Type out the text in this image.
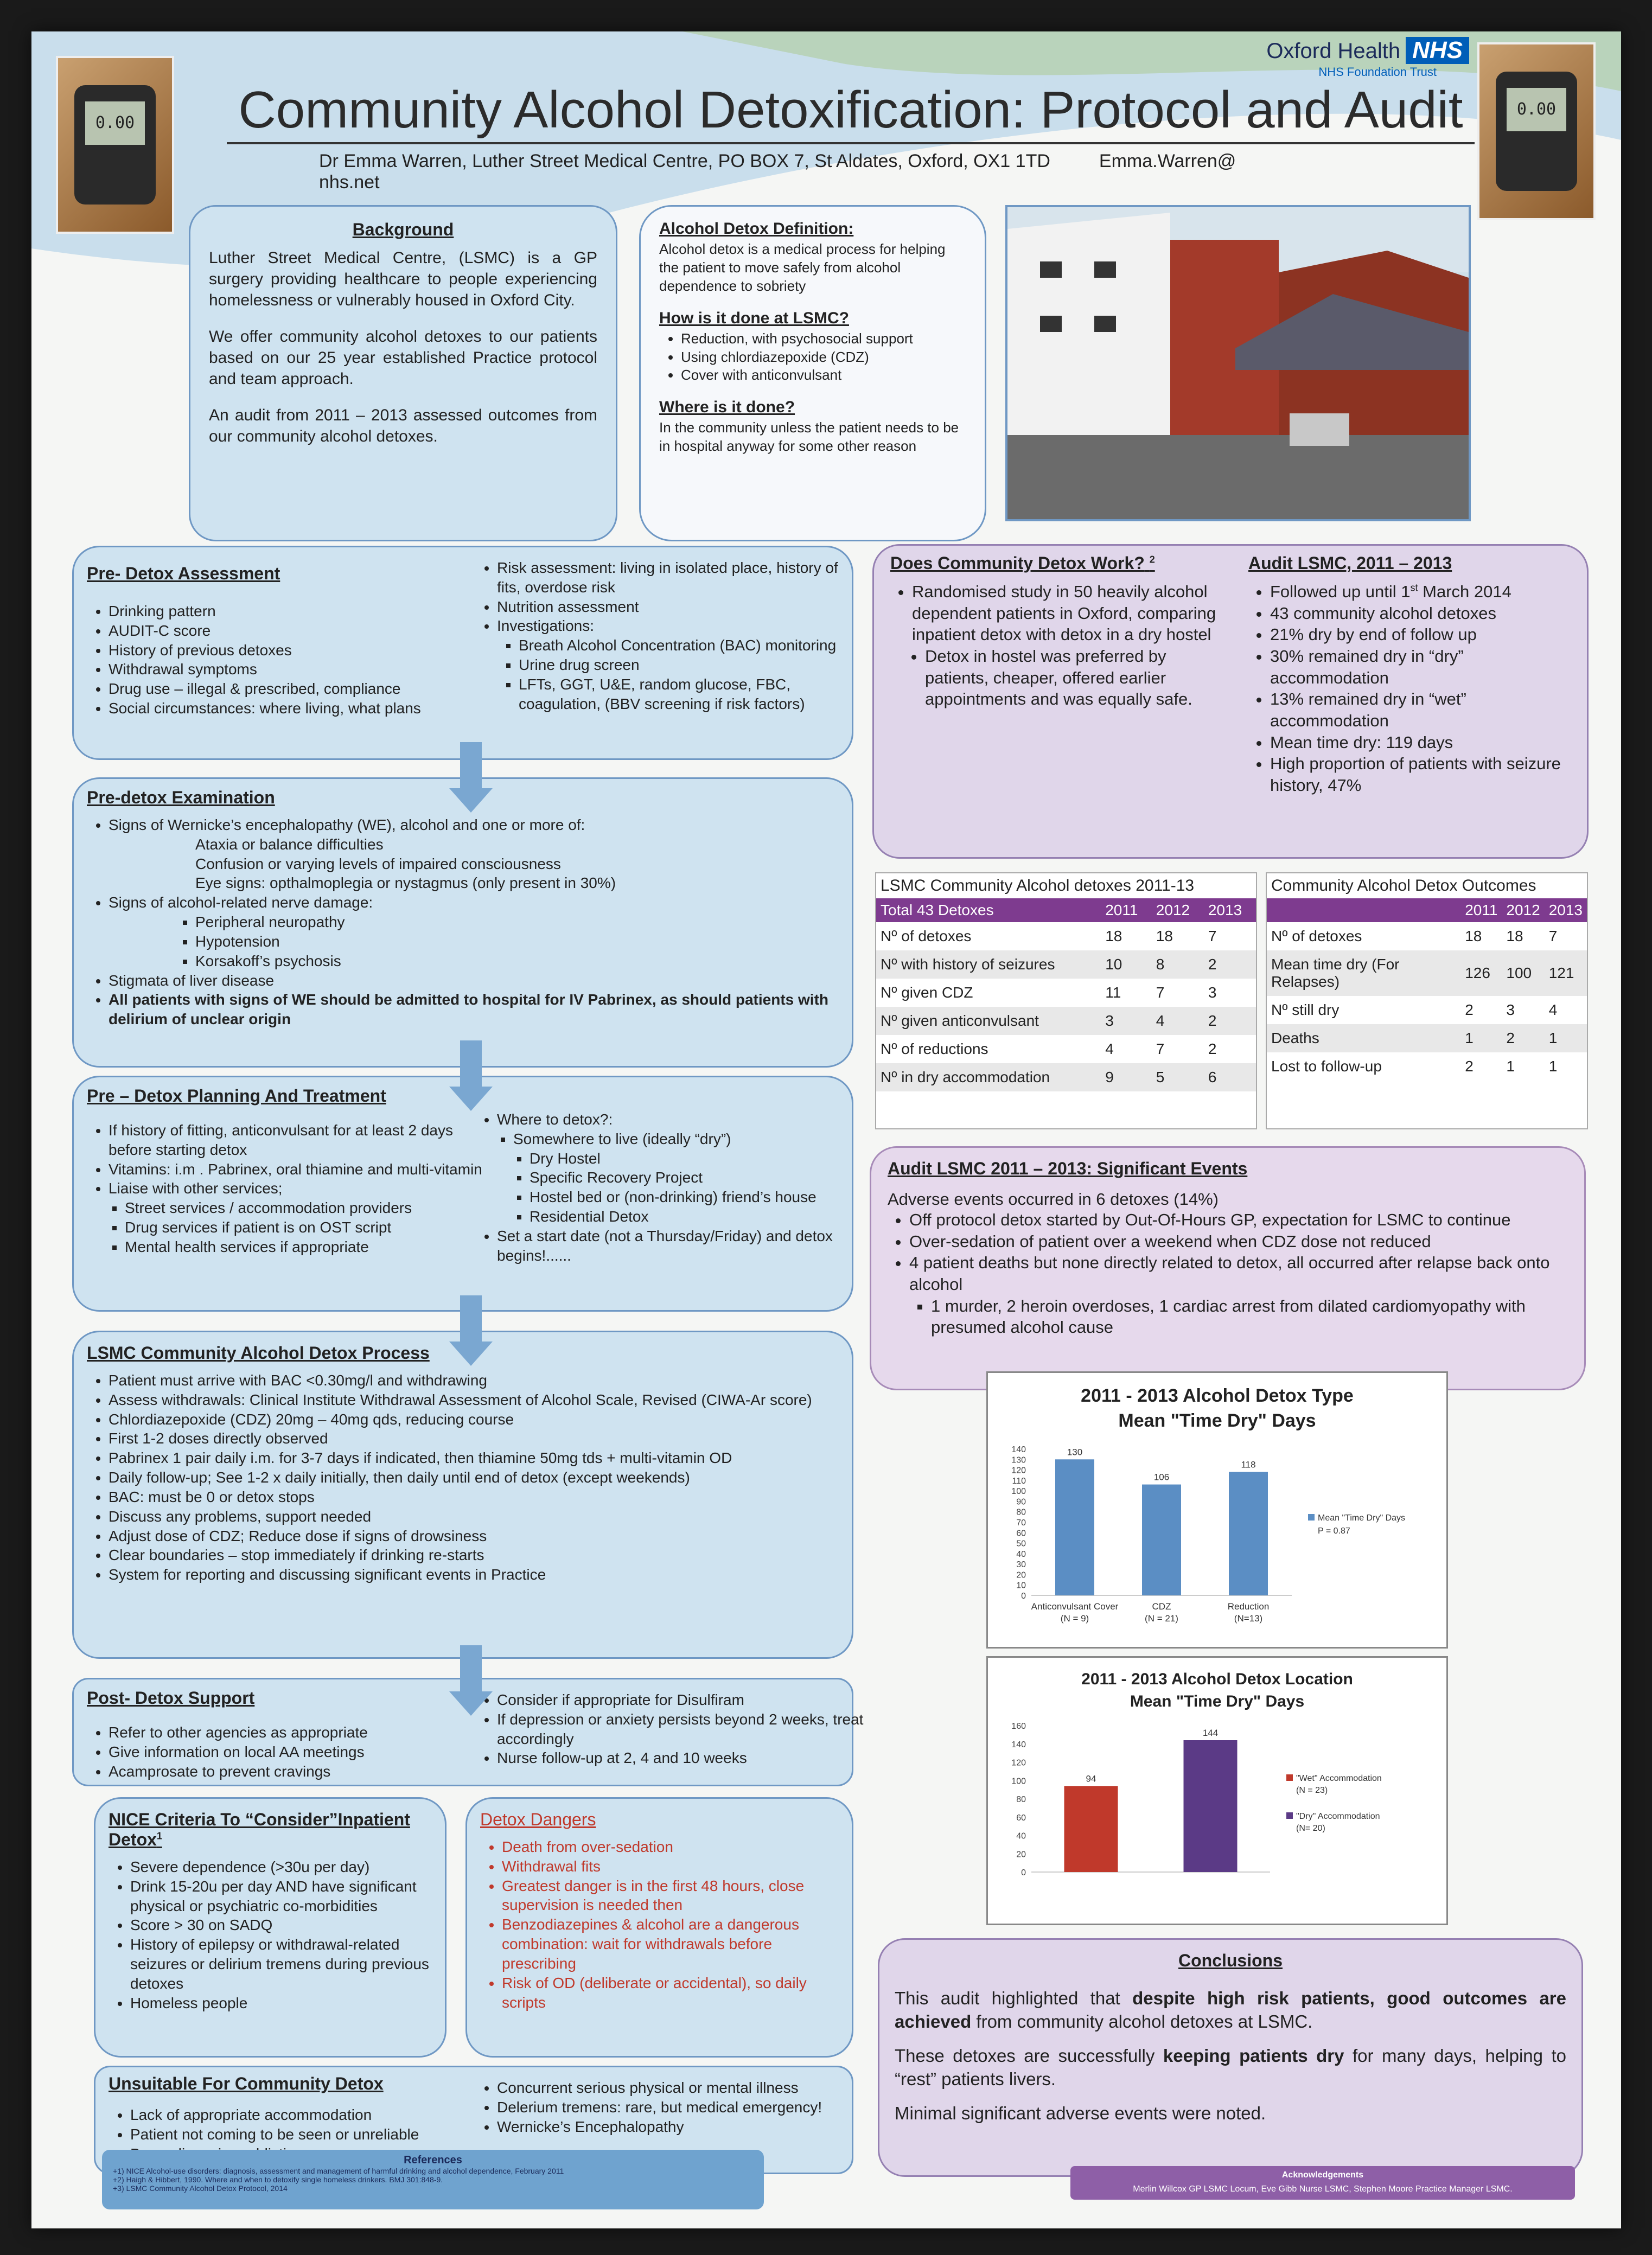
0.00
0.00
Oxford Health NHS
NHS Foundation Trust
Community Alcohol Detoxification: Protocol and Audit
Dr Emma Warren, Luther Street Medical Centre, PO BOX 7, St Aldates, Oxford, OX1 1TD	Emma.Warren@ nhs.net
Background

Luther Street Medical Centre, (LSMC) is a GP surgery providing healthcare to people experiencing homelessness or vulnerably housed in Oxford City.

We offer community alcohol detoxes to our patients based on our 25 year established Practice protocol and team approach.

An audit from 2011 – 2013 assessed outcomes from our community alcohol detoxes.

Alcohol Detox Definition:
Alcohol detox is a medical process for helping the patient to move safely from alcohol dependence to sobriety
How is it done at LSMC?
• Reduction, with psychosocial support
• Using chlordiazepoxide (CDZ)
• Cover with anticonvulsant
Where is it done?
In the community unless the patient needs to be in hospital anyway for some other reason
Pre- Detox Assessment
• Drinking pattern
• AUDIT-C score
• History of previous detoxes
• Withdrawal symptoms
• Drug use – illegal & prescribed, compliance
• Social circumstances: where living, what plans
• Risk assessment: living in isolated place, history of fits, overdose risk
• Nutrition assessment
• Investigations:
▪ Breath Alcohol Concentration (BAC) monitoring
▪ Urine drug screen
▪ LFTs, GGT, U&E, random glucose, FBC, coagulation, (BBV screening if risk factors)
Pre-detox Examination
• Signs of Wernicke’s encephalopathy (WE), alcohol and one or more of:
Ataxia or balance difficulties
Confusion or varying levels of impaired consciousness
Eye signs: opthalmoplegia or nystagmus (only present in 30%)
• Signs of alcohol-related nerve damage:
▪ Peripheral neuropathy
▪ Hypotension
▪ Korsakoff’s psychosis
• Stigmata of liver disease
• All patients with signs of WE should be admitted to hospital for IV Pabrinex, as should patients with delirium of unclear origin
Pre – Detox Planning And Treatment
• If history of fitting, anticonvulsant for at least 2 days before starting detox
• Vitamins: i.m . Pabrinex, oral thiamine and multi-vitamin
• Liaise with other services;
▪ Street services / accommodation providers
▪ Drug services if patient is on OST script
▪ Mental health services if appropriate
• Where to detox?:
▪ Somewhere to live (ideally “dry”)
▪ Dry Hostel
▪ Specific Recovery Project
▪ Hostel bed or (non-drinking) friend’s house
▪ Residential Detox
• Set a start date (not a Thursday/Friday) and detox begins!......
LSMC Community Alcohol Detox Process
• Patient must arrive with BAC <0.30mg/l and withdrawing
• Assess withdrawals: Clinical Institute Withdrawal Assessment of Alcohol Scale, Revised (CIWA-Ar score)
• Chlordiazepoxide (CDZ) 20mg – 40mg qds, reducing course
• First 1-2 doses directly observed
• Pabrinex 1 pair daily i.m. for 3-7 days if indicated, then thiamine 50mg tds + multi-vitamin OD
• Daily follow-up; See 1-2 x daily initially, then daily until end of detox (except weekends)
• BAC: must be 0 or detox stops
• Discuss any problems, support needed
• Adjust dose of CDZ; Reduce dose if signs of drowsiness
• Clear boundaries – stop immediately if drinking re-starts
• System for reporting and discussing significant events in Practice
Post- Detox Support
• Refer to other agencies as appropriate
• Give information on local AA meetings
• Acamprosate to prevent cravings
• Consider if appropriate for Disulfiram
• If depression or anxiety persists beyond 2 weeks, treat accordingly
• Nurse follow-up at 2, 4 and 10 weeks
NICE Criteria To “Consider”Inpatient Detox$^1$
• Severe dependence (>30u per day)
• Drink 15-20u per day AND have significant physical or psychiatric co-morbidities
• Score > 30 on SADQ
• History of epilepsy or withdrawal-related seizures or delirium tremens during previous detoxes
• Homeless people
Detox Dangers
• Death from over-sedation
• Withdrawal fits
• Greatest danger is in the first 48 hours, close supervision is needed then
• Benzodiazepines & alcohol are a dangerous combination: wait for withdrawals before prescribing
• Risk of OD (deliberate or accidental), so daily scripts
Unsuitable For Community Detox
• Lack of appropriate accommodation
• Patient not coming to be seen or unreliable
•
• Concurrent serious physical or mental illness
• Delerium tremens: rare, but medical emergency!
• Wernicke’s Encephalopathy
References
+1) NICE Alcohol-use disorders: diagnosis, assessment and management of harmful drinking and alcohol dependence, February 2011
+2) Haigh & Hibbert, 1990. Where and when to detoxify single homeless drinkers. BMJ 301:848-9.
+3) LSMC Community Alcohol Detox Protocol, 2014
Does Community Detox Work? $^2$
• Randomised study in 50 heavily alcohol dependent patients in Oxford, comparing inpatient detox with detox in a dry hostel
• Detox in hostel was preferred by patients, cheaper, offered earlier appointments and was equally safe.
Audit LSMC, 2011 – 2013
• Followed up until 1st March 2014
• 43 community alcohol detoxes
• 21% dry by end of follow up
• 30% remained dry in “dry” accommodation
• 13% remained dry in “wet” accommodation
• Mean time dry: 119 days
• High proportion of patients with seizure history, 47%
LSMC Community Alcohol detoxes 2011-13
Total 43 Detoxes	2011	2012	2013
Nº of detoxes	18	18	7
Nº with history of seizures	10	8	2
Nº given CDZ	11	7	3
Nº given anticonvulsant	3	4	2
Nº of reductions	4	7	2
Nº in dry accommodation	9	5	6
Community Alcohol Detox Outcomes
	2011	2012	2013
Nº of detoxes	18	18	7
Mean time dry (For Relapses)	126	100	121
Nº still dry	2	3	4
Deaths	1	2	1
Lost to follow-up	2	1	1
Audit LSMC 2011 – 2013: Significant Events
Adverse events occurred in 6 detoxes (14%)
• Off protocol detox started by Out-Of-Hours GP, expectation for LSMC to continue
• Over-sedation of patient over a weekend when CDZ dose not reduced
• 4 patient deaths but none directly related to detox, all occurred after relapse back onto alcohol
▪ 1 murder, 2 heroin overdoses, 1 cardiac arrest from dilated cardiomyopathy with presumed alcohol cause
2011 - 2013 Alcohol Detox Type
Mean "Time Dry" Days
0
10
20
30
40
50
60
70
80
90
100
110
120
130
140	130
Anticonvulsant Cover
(N = 9)
106
CDZ
(N = 21)
118
Reduction
(N=13)
Mean "Time Dry" Days
P = 0.87
2011 - 2013 Alcohol Detox Location
Mean "Time Dry" Days
0
20
40
60
80
100
120
140
160
94
144
"Wet" Accommodation
(N = 23)
"Dry" Accommodation
(N= 20)
Conclusions

This audit highlighted that despite high risk patients, good outcomes are achieved from community alcohol detoxes at LSMC.

These detoxes are successfully keeping patients dry for many days, helping to “rest” patients livers.

Minimal significant adverse events were noted.

Acknowledgements
Merlin Willcox GP LSMC Locum, Eve Gibb Nurse LSMC, Stephen Moore Practice Manager LSMC.
